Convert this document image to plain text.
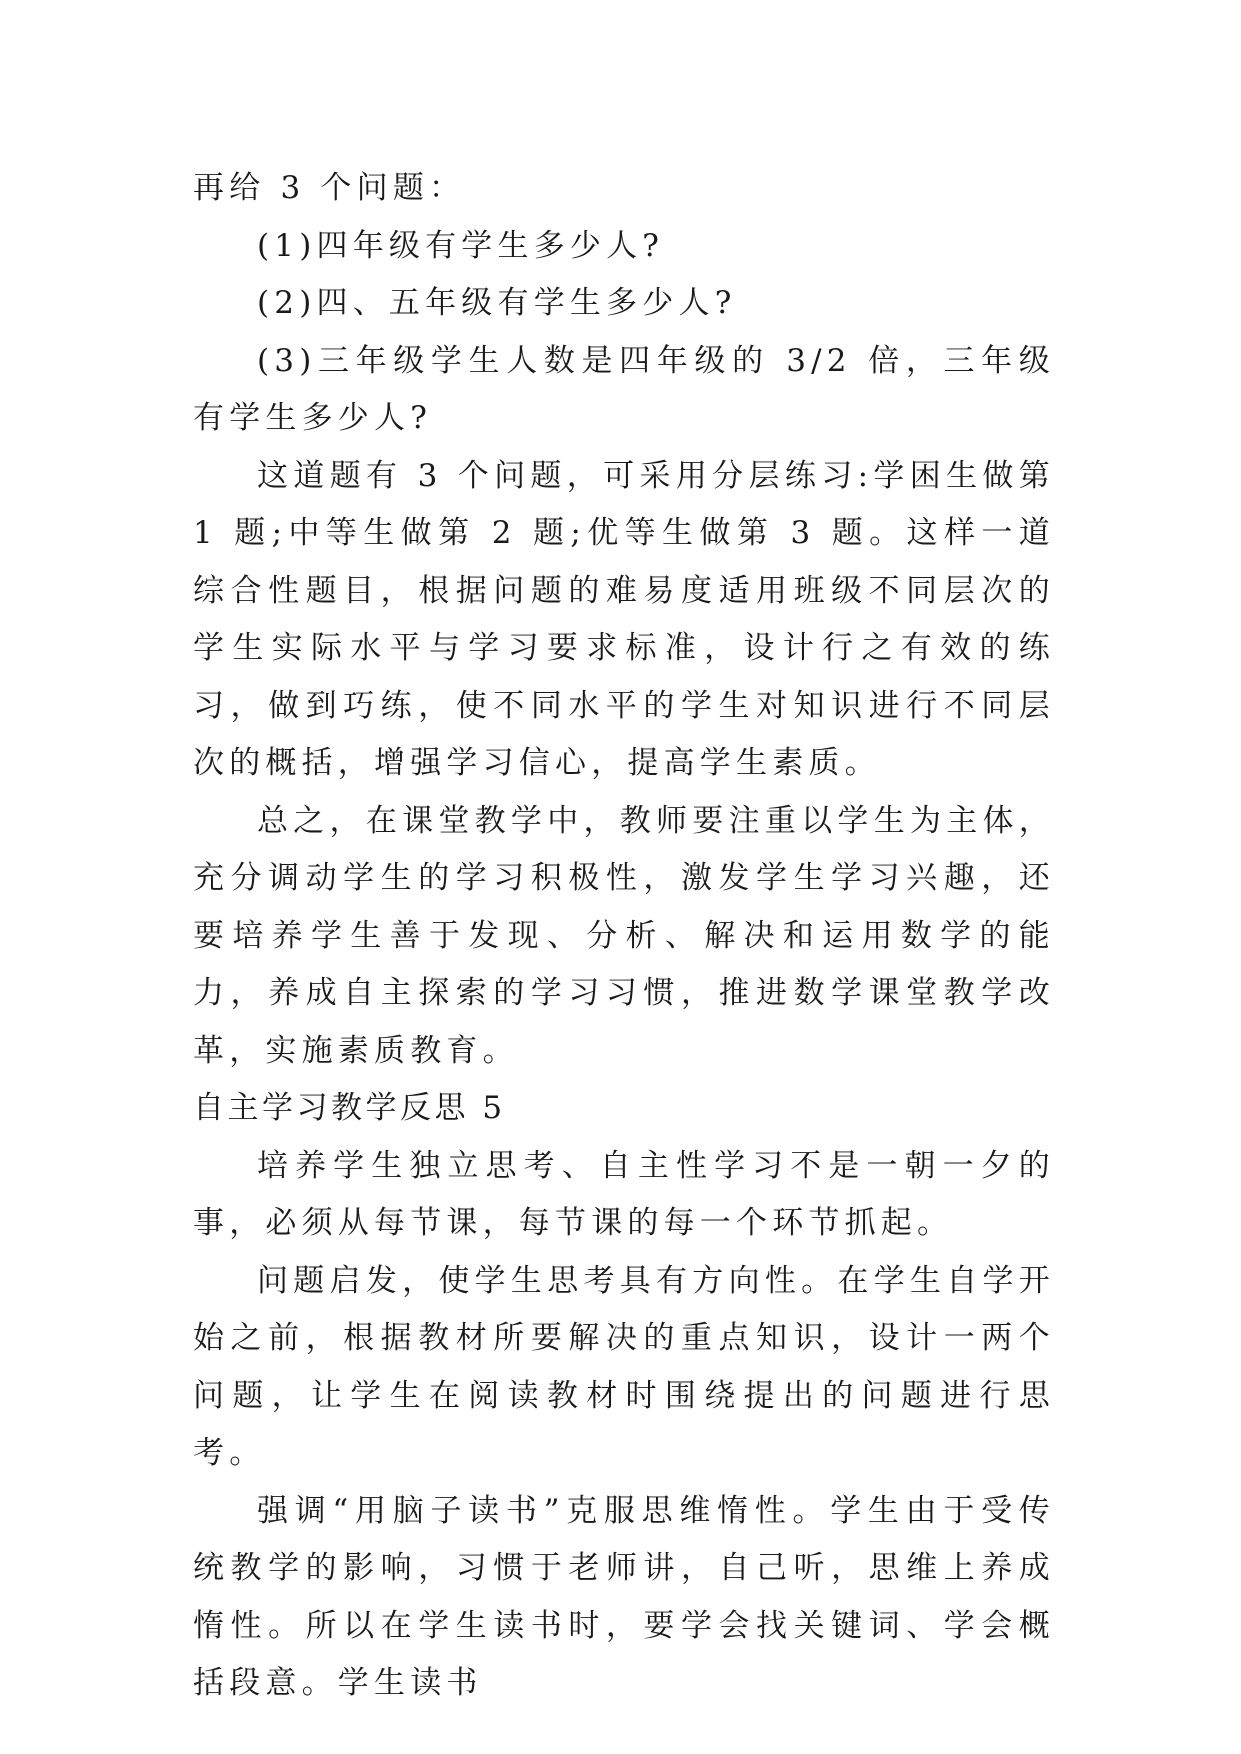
再给 3 个问题：
(1)四年级有学生多少人?
(2)四、五年级有学生多少人?

(3)三年级学生人数是四年级的 3/2 倍，三年级有学生多少人?

这道题有 3 个问题，可采用分层练习:学困生做第 1 题;中等生做第 2 题;优等生做第 3 题。这样一道综合性题目，根据问题的难易度适用班级不同层次的学生实际水平与学习要求标准，设计行之有效的练习，做到巧练，使不同水平的学生对知识进行不同层次的概括，增强学习信心，提高学生素质。

总之，在课堂教学中，教师要注重以学生为主体，充分调动学生的学习积极性，激发学生学习兴趣，还要培养学生善于发现、分析、解决和运用数学的能力，养成自主探索的学习习惯，推进数学课堂教学改革，实施素质教育。

自主学习教学反思 5

培养学生独立思考、自主性学习不是一朝一夕的事，必须从每节课，每节课的每一个环节抓起。

问题启发，使学生思考具有方向性。在学生自学开始之前，根据教材所要解决的重点知识，设计一两个问题，让学生在阅读教材时围绕提出的问题进行思考。

强调“用脑子读书”克服思维惰性。学生由于受传统教学的影响，习惯于老师讲，自己听，思维上养成惰性。所以在学生读书时，要学会找关键词、学会概括段意。学生读书
